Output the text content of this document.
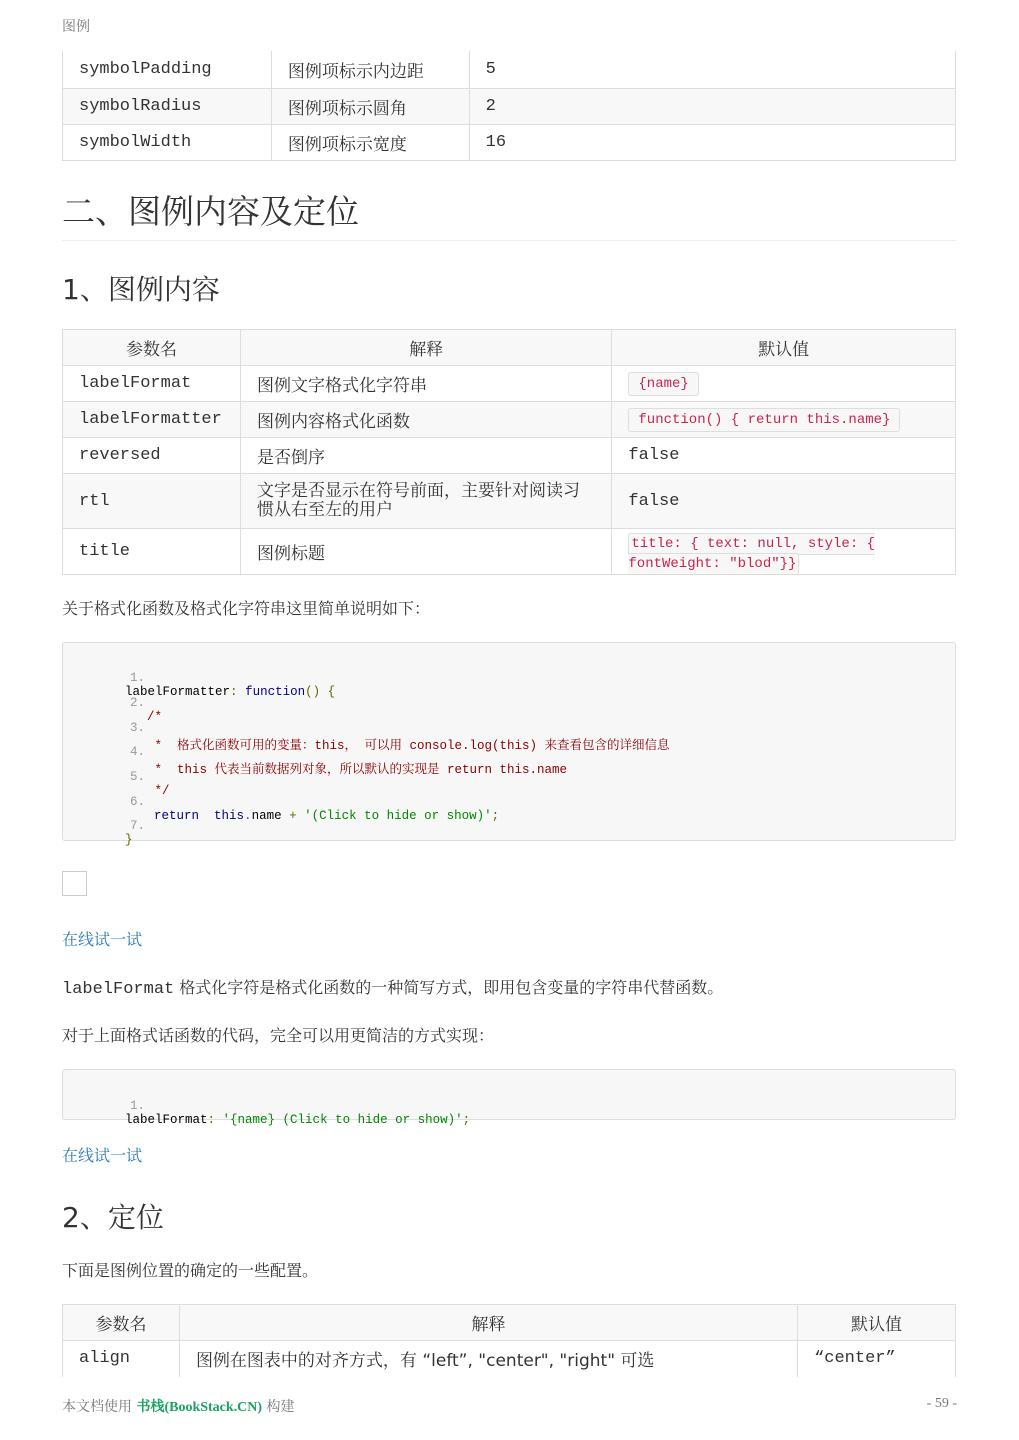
图例
symbolPadding	图例项标示内边距	5
symbolRadius	图例项标示圆角	2
symbolWidth	图例项标示宽度	16
二、图例内容及定位
1、图例内容
参数名	解释	默认值
labelFormat	图例文字格式化字符串	{name}
labelFormatter	图例内容格式化函数	function() { return this.name}
reversed	是否倒序	false
rtl	文字是否显示在符号前面，主要针对阅读习惯从右至左的用户	false
title	图例标题	title: { text: null, style: { fontWeight: "blod"}}

关于格式化函数及格式化字符串这里简单说明如下：

1.

labelFormatter: function() {

2.

/*

3.

*  格式化函数可用的变量：this， 可以用 console.log(this) 来查看包含的详细信息

4.

*  this 代表当前数据列对象，所以默认的实现是 return this.name

5.

*/

6.

return this.name + '(Click to hide or show)';

7.

}

在线试一试

labelFormat 格式化字符是格式化函数的一种简写方式，即用包含变量的字符串代替函数。

对于上面格式话函数的代码，完全可以用更简洁的方式实现：

1.

labelFormat: '{name} (Click to hide or show)';

在线试一试
2、定位

下面是图例位置的确定的一些配置。

参数名	解释	默认值
align	图例在图表中的对齐方式，有 “left”, "center", "right" 可选	“center”
本文档使用 书栈(BookStack.CN) 构建	- 59 -
